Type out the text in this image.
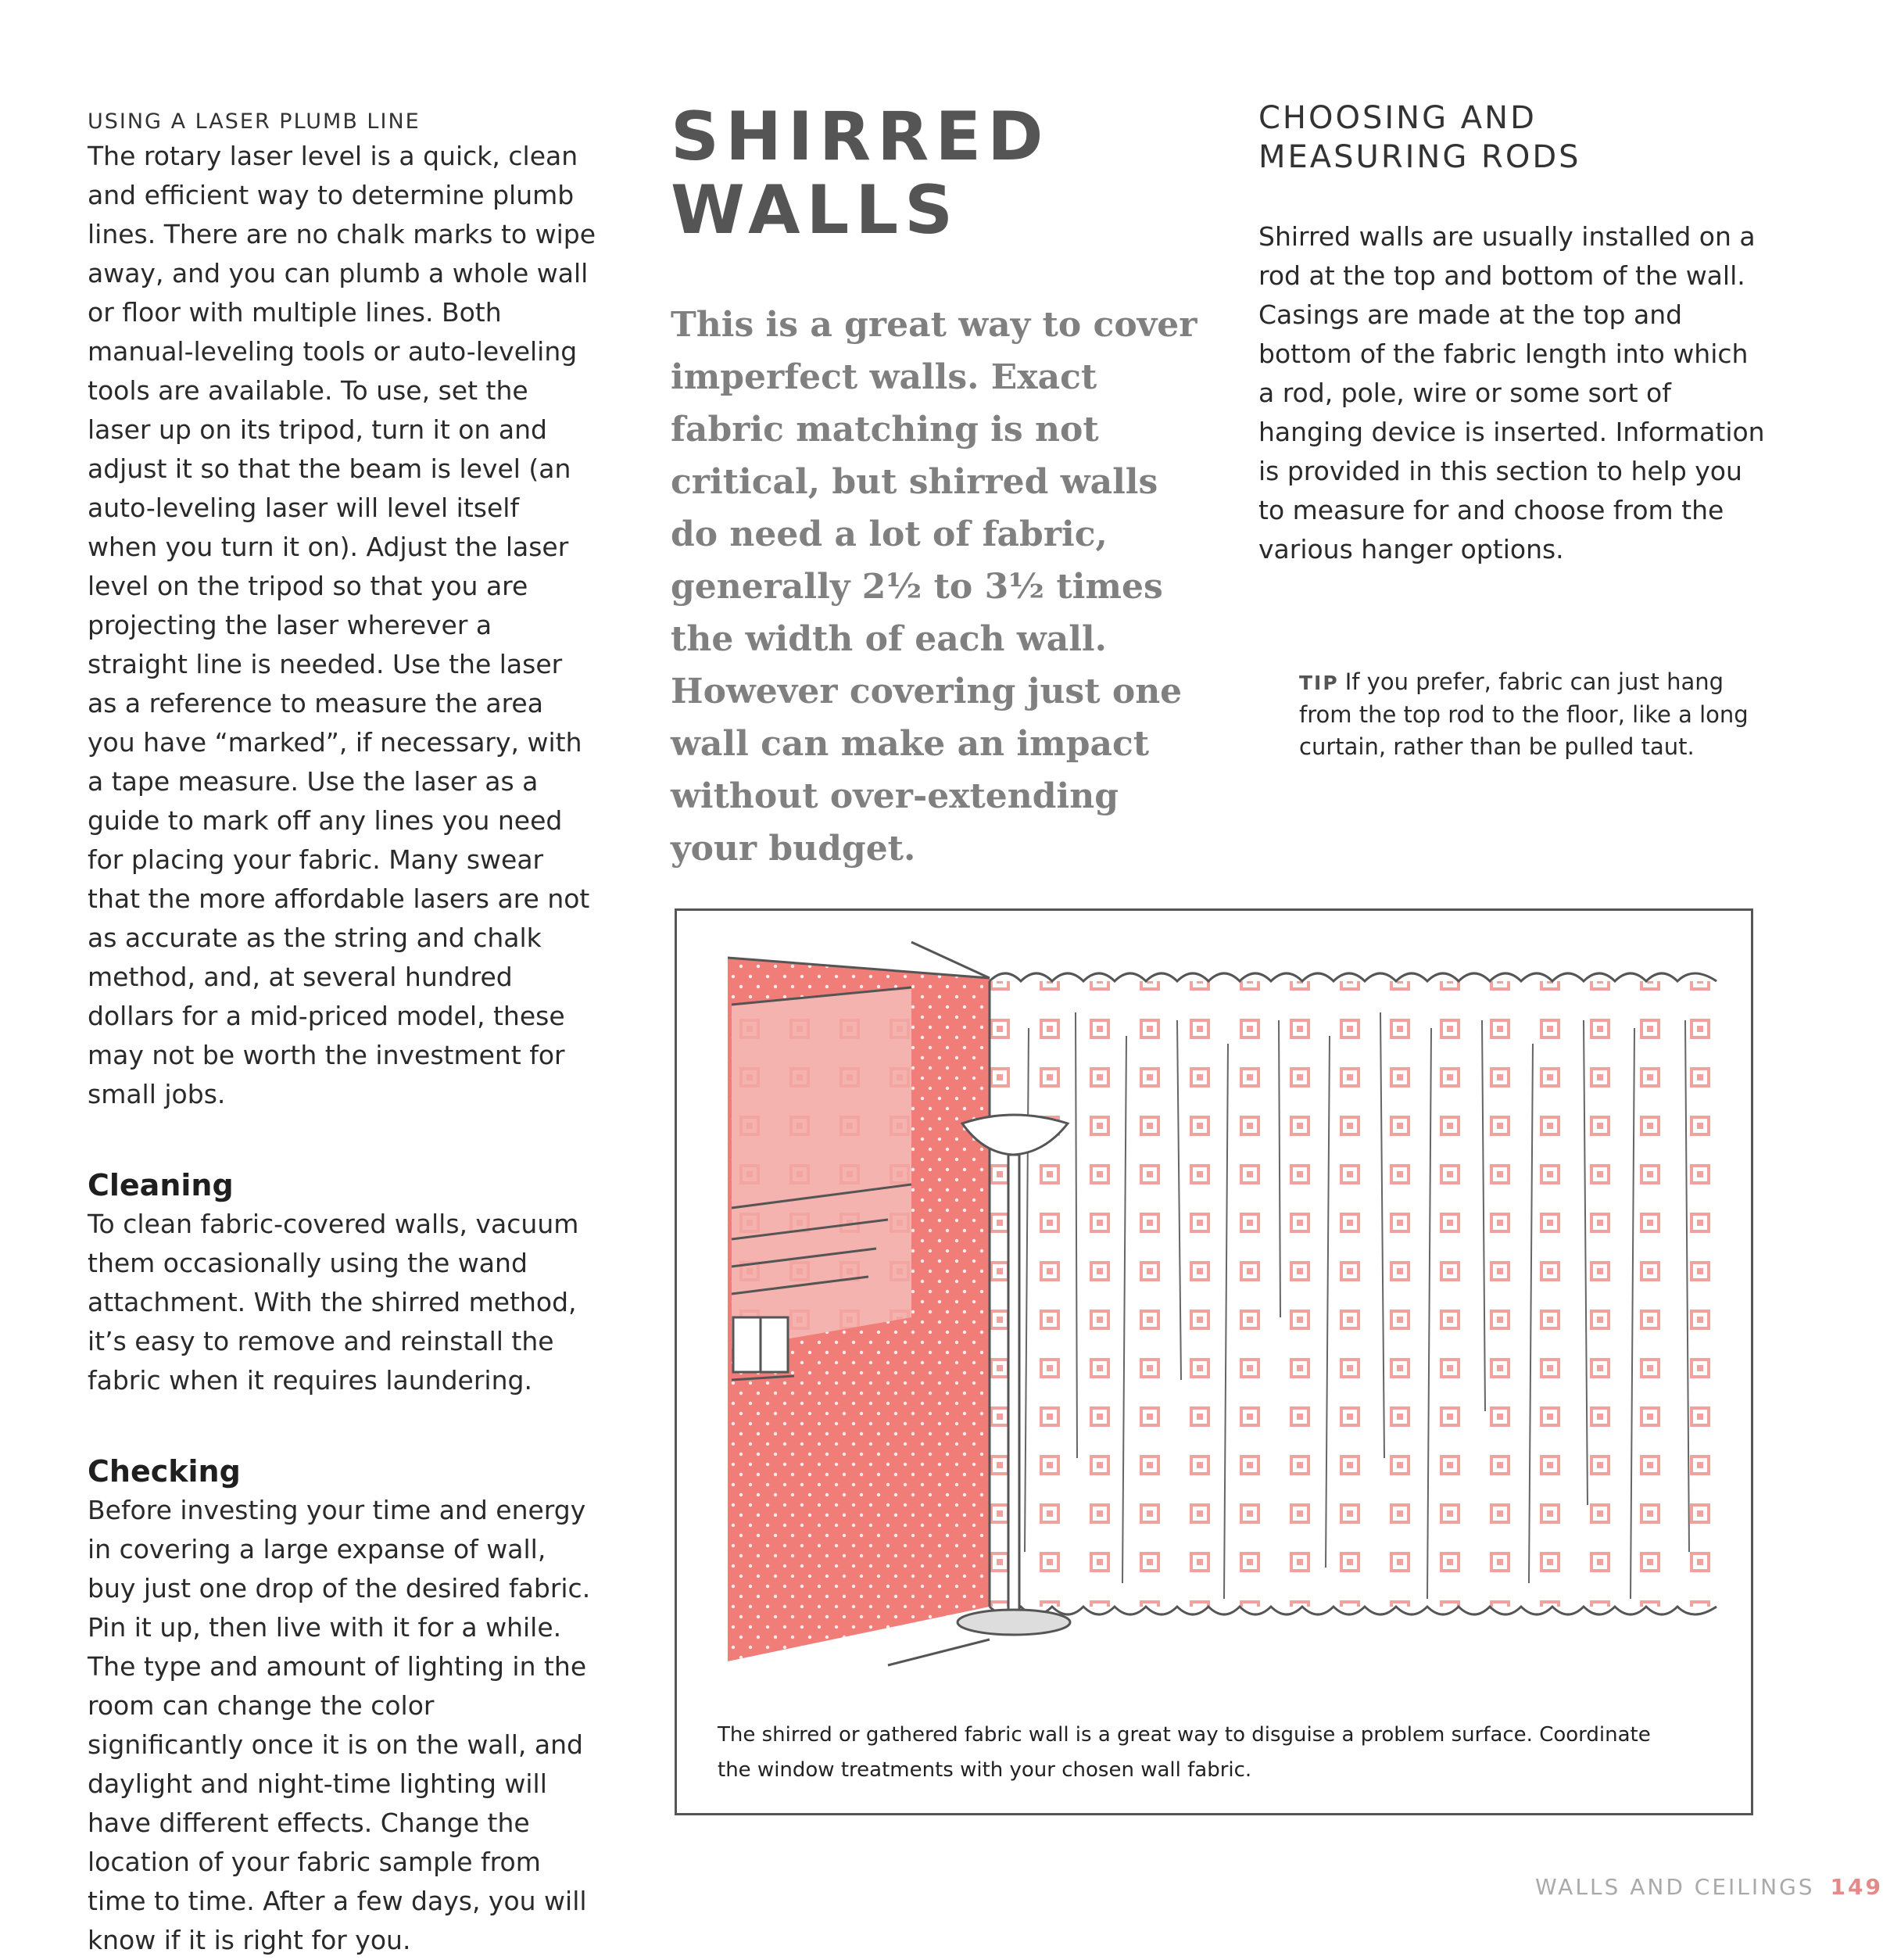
USING A LASER PLUMB LINE

The rotary laser level is a quick, clean and efficient way to determine plumb lines. There are no chalk marks to wipe away, and you can plumb a whole wall or floor with multiple lines. Both manual-leveling tools or auto-leveling tools are available. To use, set the laser up on its tripod, turn it on and adjust it so that the beam is level (an auto-leveling laser will level itself when you turn it on). Adjust the laser level on the tripod so that you are projecting the laser wherever a straight line is needed. Use the laser as a reference to measure the area you have “marked”, if necessary, with a tape measure. Use the laser as a guide to mark off any lines you need for placing your fabric. Many swear that the more affordable lasers are not as accurate as the string and chalk method, and, at several hundred dollars for a mid-priced model, these may not be worth the investment for small jobs.

Cleaning

To clean fabric-covered walls, vacuum them occasionally using the wand attachment. With the shirred method, it’s easy to remove and reinstall the fabric when it requires laundering.

Checking

Before investing your time and energy in covering a large expanse of wall, buy just one drop of the desired fabric. Pin it up, then live with it for a while. The type and amount of lighting in the room can change the color significantly once it is on the wall, and daylight and night-time lighting will have different effects. Change the location of your fabric sample from time to time. After a few days, you will know if it is right for you.

SHIRRED
WALLS
This is a great way to cover imperfect walls. Exact fabric matching is not critical, but shirred walls do need a lot of fabric, generally 2½ to 3½ times the width of each wall. However covering just one wall can make an impact without over-extending your budget.
CHOOSING AND
MEASURING RODS

Shirred walls are usually installed on a rod at the top and bottom of the wall. Casings are made at the top and bottom of the fabric length into which a rod, pole, wire or some sort of hanging device is inserted. Information is provided in this section to help you to measure for and choose from the various hanger options.

TIP If you prefer, fabric can just hang from the top rod to the floor, like a long curtain, rather than be pulled taut.
The shirred or gathered fabric wall is a great way to disguise a problem surface. Coordinate the window treatments with your chosen wall fabric.
WALLS AND CEILINGS 149
